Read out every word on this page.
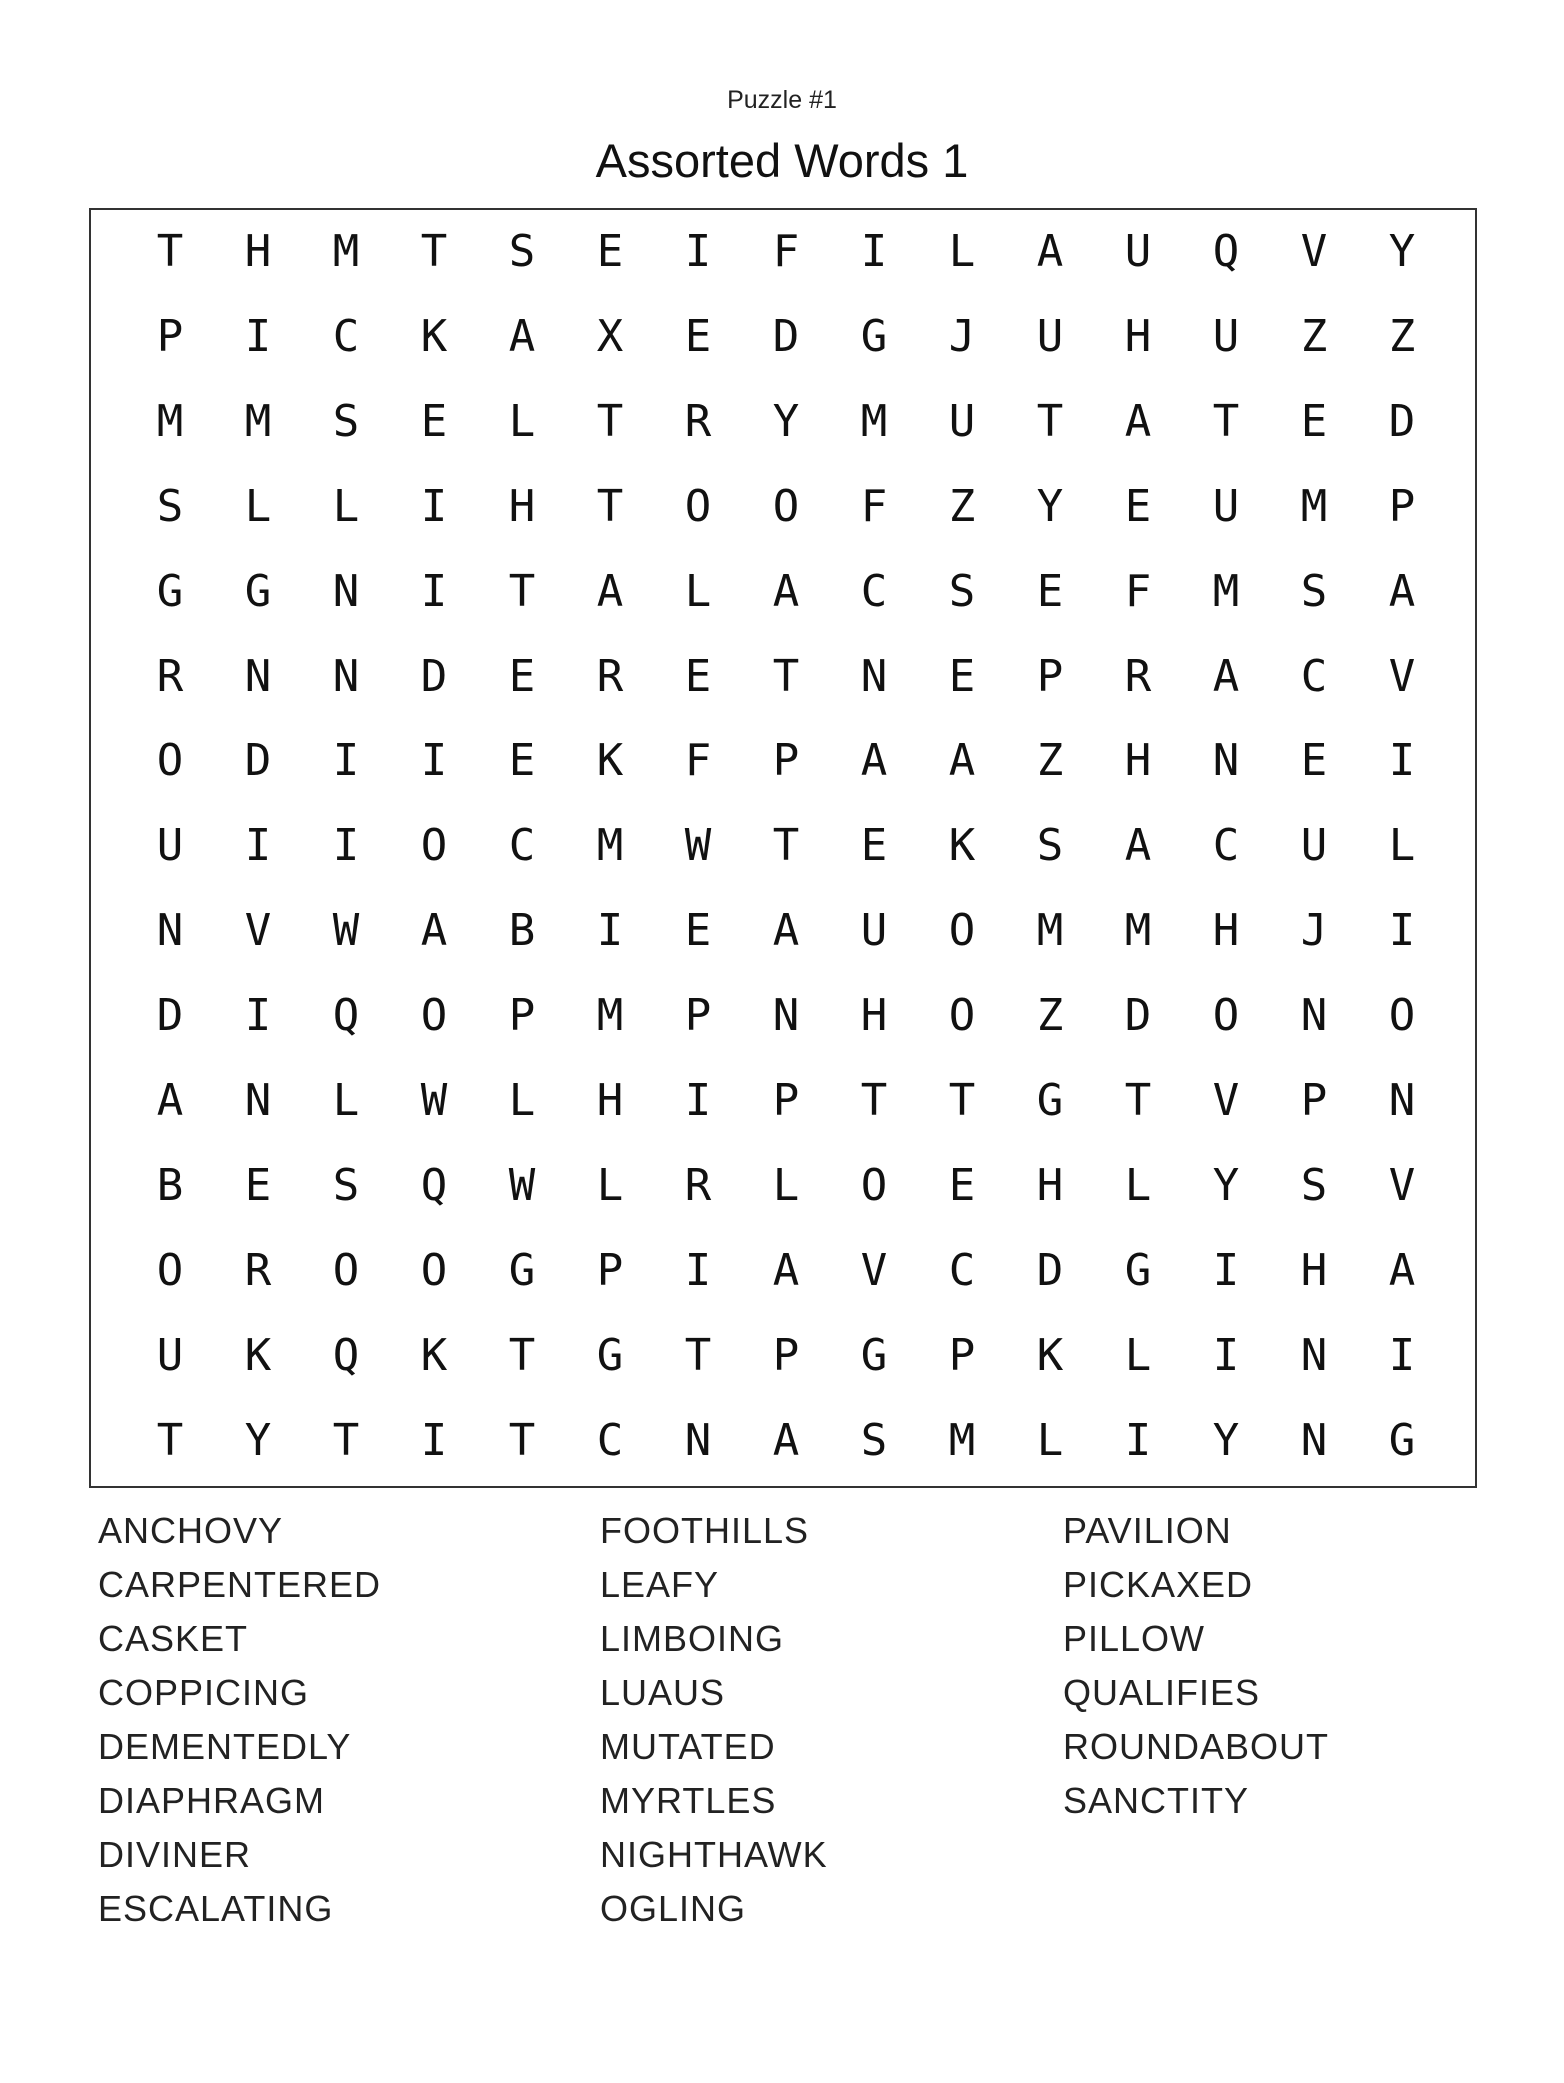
Puzzle #1
Assorted Words 1
T	H	M	T	S	E	I	F	I	L	A	U	Q	V	Y
P	I	C	K	A	X	E	D	G	J	U	H	U	Z	Z
M	M	S	E	L	T	R	Y	M	U	T	A	T	E	D
S	L	L	I	H	T	O	O	F	Z	Y	E	U	M	P
G	G	N	I	T	A	L	A	C	S	E	F	M	S	A
R	N	N	D	E	R	E	T	N	E	P	R	A	C	V
O	D	I	I	E	K	F	P	A	A	Z	H	N	E	I
U	I	I	O	C	M	W	T	E	K	S	A	C	U	L
N	V	W	A	B	I	E	A	U	O	M	M	H	J	I
D	I	Q	O	P	M	P	N	H	O	Z	D	O	N	O
A	N	L	W	L	H	I	P	T	T	G	T	V	P	N
B	E	S	Q	W	L	R	L	O	E	H	L	Y	S	V
O	R	O	O	G	P	I	A	V	C	D	G	I	H	A
U	K	Q	K	T	G	T	P	G	P	K	L	I	N	I
T	Y	T	I	T	C	N	A	S	M	L	I	Y	N	G
ANCHOVY
CARPENTERED
CASKET
COPPICING
DEMENTEDLY
DIAPHRAGM
DIVINER
ESCALATING
FOOTHILLS
LEAFY
LIMBOING
LUAUS
MUTATED
MYRTLES
NIGHTHAWK
OGLING
PAVILION
PICKAXED
PILLOW
QUALIFIES
ROUNDABOUT
SANCTITY
